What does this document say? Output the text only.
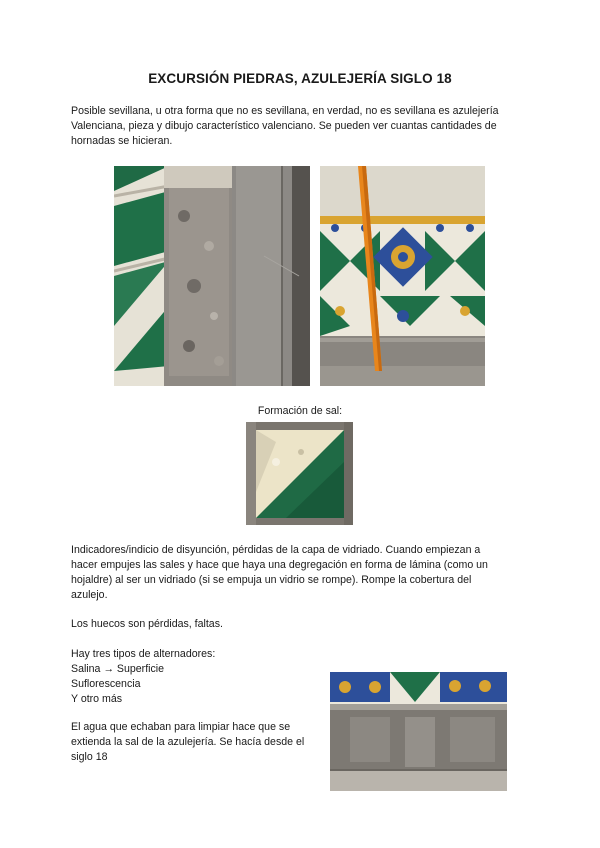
EXCURSIÓN PIEDRAS, AZULEJERÍA SIGLO 18

Posible sevillana, u otra forma que no es sevillana, en verdad, no es sevillana es azulejería
Valenciana, pieza y dibujo característico valenciano. Se pueden ver cuantas cantidades de
hornadas se hicieran.

Formación de sal:

Indicadores/indicio de disyunción, pérdidas de la capa de vidriado. Cuando empiezan a
hacer empujes las sales y hace que haya una degregación en forma de lámina (como un
hojaldre) al ser un vidriado (si se empuja un vidrio se rompe). Rompe la cobertura del
azulejo.

Los huecos son pérdidas, faltas.

Hay tres tipos de alternadores:
Salina → Superficie
Suflorescencia
Y otro más

El agua que echaban para limpiar hace que se
extienda la sal de la azulejería. Se hacía desde el
siglo 18
